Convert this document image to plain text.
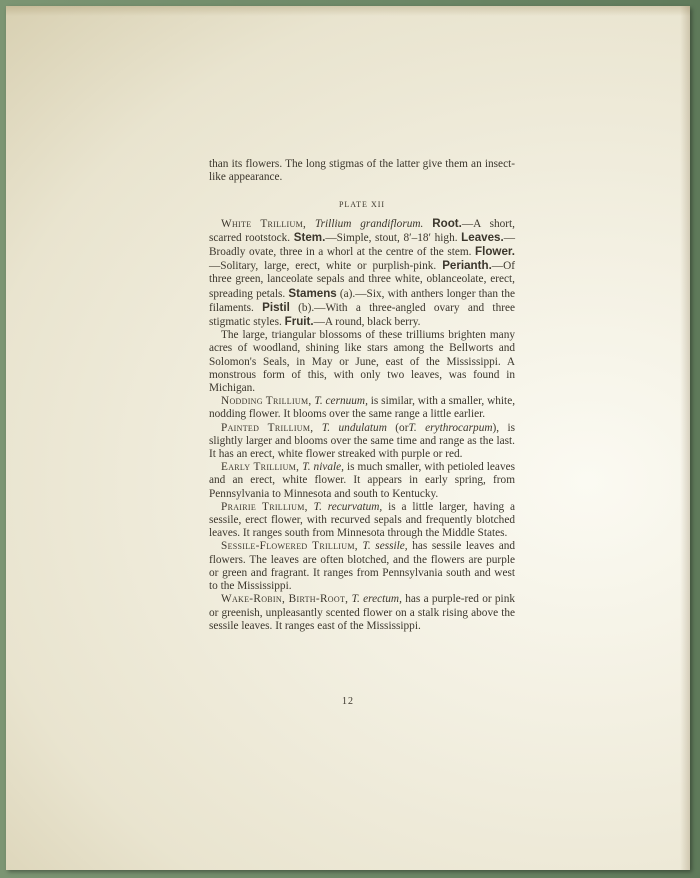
than its flowers. The long stigmas of the latter give them an insect-like appearance.

PLATE XII

White Trillium, Trillium grandiflorum. Root.—A short, scarred rootstock. Stem.—Simple, stout, 8′–18′ high. Leaves.—Broadly ovate, three in a whorl at the centre of the stem. Flower.—Solitary, large, erect, white or purplish-pink. Perianth.—Of three green, lanceolate sepals and three white, oblanceolate, erect, spreading petals. Stamens (a).—Six, with anthers longer than the filaments. Pistil (b).—With a three-angled ovary and three stigmatic styles. Fruit.—A round, black berry.

The large, triangular blossoms of these trilliums brighten many acres of woodland, shining like stars among the Bellworts and Solomon's Seals, in May or June, east of the Mississippi. A monstrous form of this, with only two leaves, was found in Michigan.

Nodding Trillium, T. cernuum, is similar, with a smaller, white, nodding flower. It blooms over the same range a little earlier.

Painted Trillium, T. undulatum (orT. erythrocarpum), is slightly larger and blooms over the same time and range as the last. It has an erect, white flower streaked with purple or red.

Early Trillium, T. nivale, is much smaller, with petioled leaves and an erect, white flower. It appears in early spring, from Pennsylvania to Minnesota and south to Kentucky.

Prairie Trillium, T. recurvatum, is a little larger, having a sessile, erect flower, with recurved sepals and frequently blotched leaves. It ranges south from Minnesota through the Middle States.

Sessile-Flowered Trillium, T. sessile, has sessile leaves and flowers. The leaves are often blotched, and the flowers are purple or green and fragrant. It ranges from Pennsylvania south and west to the Mississippi.

Wake-Robin, Birth-Root, T. erectum, has a purple-red or pink or greenish, unpleasantly scented flower on a stalk rising above the sessile leaves. It ranges east of the Mississippi.

12
